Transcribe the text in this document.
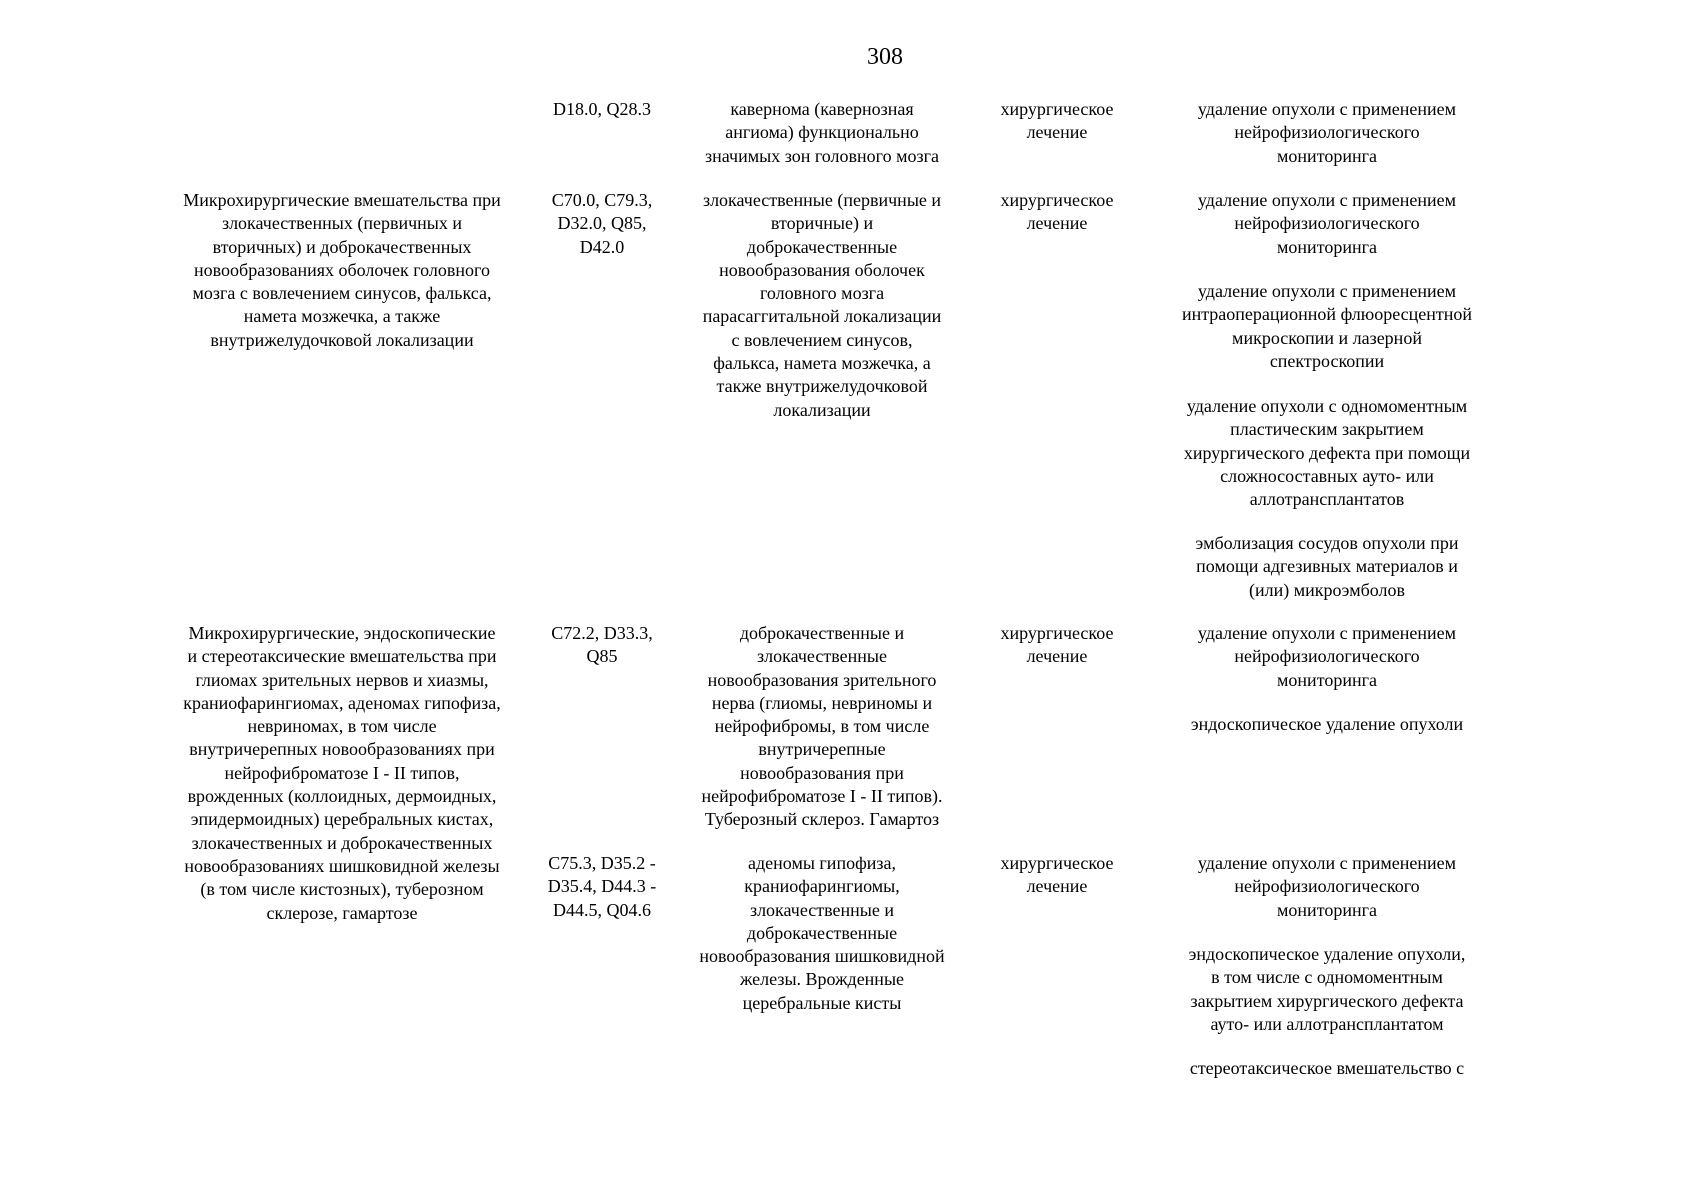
308
D18.0, Q28.3	кавернома (кавернозная
ангиома) функционально
значимых зон головного мозга
хирургическое
лечение
удаление опухоли с применением
нейрофизиологического
мониторинга
Микрохирургические вмешательства при
злокачественных (первичных и
вторичных) и доброкачественных
новообразованиях оболочек головного
мозга с вовлечением синусов, фалькса,
намета мозжечка, а также
внутрижелудочковой локализации
C70.0, C79.3,
D32.0, Q85,
D42.0
злокачественные (первичные и
вторичные) и
доброкачественные
новообразования оболочек
головного мозга
парасаггитальной локализации
с вовлечением синусов,
фалькса, намета мозжечка, а
также внутрижелудочковой
локализации
хирургическое
лечение
удаление опухоли с применением
нейрофизиологического
мониторинга
удаление опухоли с применением
интраоперационной флюоресцентной
микроскопии и лазерной
спектроскопии
удаление опухоли с одномоментным
пластическим закрытием
хирургического дефекта при помощи
сложносоставных ауто- или
аллотрансплантатов
эмболизация сосудов опухоли при
помощи адгезивных материалов и
(или) микроэмболов
Микрохирургические, эндоскопические
и стереотаксические вмешательства при
глиомах зрительных нервов и хиазмы,
краниофарингиомах, аденомах гипофиза,
невриномах, в том числе
внутричерепных новообразованиях при
нейрофиброматозе I - II типов,
врожденных (коллоидных, дермоидных,
эпидермоидных) церебральных кистах,
злокачественных и доброкачественных
новообразованиях шишковидной железы
(в том числе кистозных), туберозном
склерозе, гамартозе
C72.2, D33.3,
Q85
доброкачественные и
злокачественные
новообразования зрительного
нерва (глиомы, невриномы и
нейрофибромы, в том числе
внутричерепные
новообразования при
нейрофиброматозе I - II типов).
Туберозный склероз. Гамартоз
хирургическое
лечение
удаление опухоли с применением
нейрофизиологического
мониторинга
эндоскопическое удаление опухоли
C75.3, D35.2 -
D35.4, D44.3 -
D44.5, Q04.6
аденомы гипофиза,
краниофарингиомы,
злокачественные и
доброкачественные
новообразования шишковидной
железы. Врожденные
церебральные кисты
хирургическое
лечение
удаление опухоли с применением
нейрофизиологического
мониторинга
эндоскопическое удаление опухоли,
в том числе с одномоментным
закрытием хирургического дефекта
ауто- или аллотрансплантатом
стереотаксическое вмешательство с
